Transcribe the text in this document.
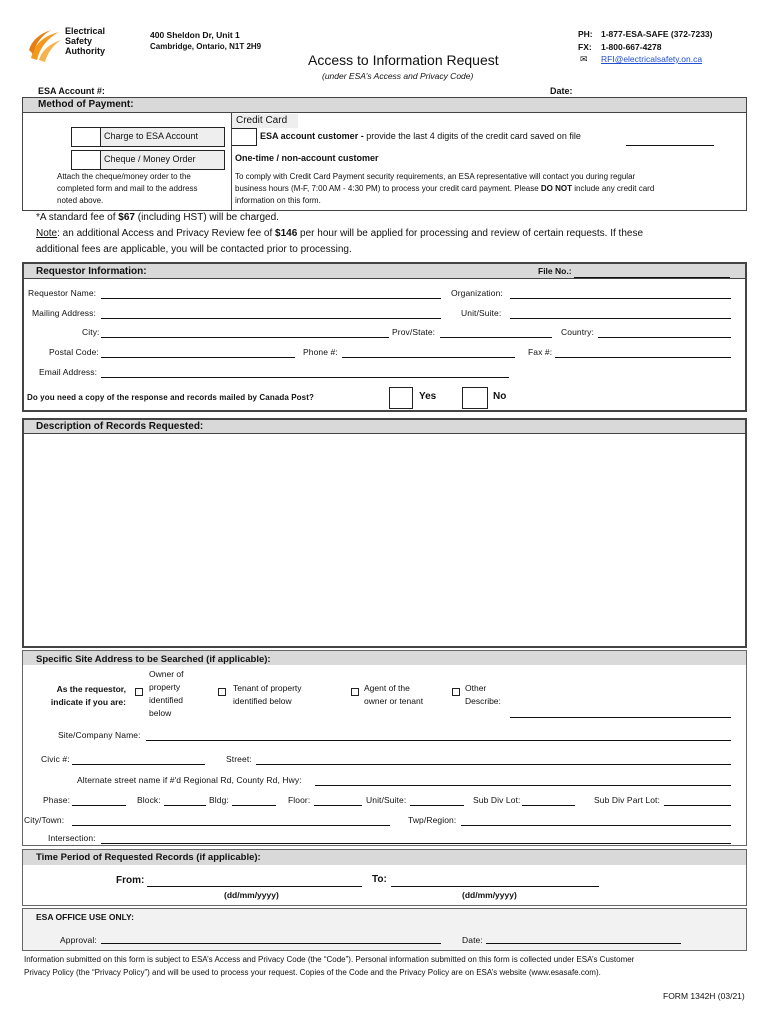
Electrical
Safety
Authority
400 Sheldon Dr, Unit 1
Cambridge, Ontario, N1T 2H9
PH: 1-877-ESA-SAFE (372-7233)
FX: 1-800-667-4278
✉ RFI@electricalsafety.on.ca
Access to Information Request
(under ESA’s Access and Privacy Code)
ESA Account #:	Date:
Method of Payment:
Charge to ESA Account
Cheque / Money Order
Attach the cheque/money order to the
completed form and mail to the address
noted above.
Credit Card
ESA account customer - provide the last 4 digits of the credit card saved on file
One-time / non-account customer
To comply with Credit Card Payment security requirements, an ESA representative will contact you during regular
business hours (M-F, 7:00 AM - 4:30 PM) to process your credit card payment. Please DO NOT include any credit card
information on this form.
*A standard fee of $67 (including HST) will be charged.
Note: an additional Access and Privacy Review fee of $146 per hour will be applied for processing and review of certain requests. If these
additional fees are applicable, you will be contacted prior to processing.
Requestor Information:	File No.:
Requestor Name:	Organization:
Mailing Address:	Unit/Suite:
City:	Prov/State:	Country:
Postal Code:	Phone #:	Fax #:
Email Address:
Do you need a copy of the response and records mailed by Canada Post?	Yes	No
Description of Records Requested:
Specific Site Address to be Searched (if applicable):
As the requestor,
indicate if you are:
Owner of
property
identified
below
Tenant of property
identified below
Agent of the
owner or tenant
Other
Describe:
Site/Company Name:
Civic #:	Street:
Alternate street name if #'d Regional Rd, County Rd, Hwy:
Phase:	Block:	Bldg:	Floor:	Unit/Suite:	Sub Div Lot:	Sub Div Part Lot:
City/Town:	Twp/Region:
Intersection:
Time Period of Requested Records (if applicable):
From:
(dd/mm/yyyy)
To:
(dd/mm/yyyy)
ESA OFFICE USE ONLY:
Approval:	Date:
Information submitted on this form is subject to ESA’s Access and Privacy Code (the “Code”). Personal information submitted on this form is collected under ESA’s Customer
Privacy Policy (the “Privacy Policy”) and will be used to process your request. Copies of the Code and the Privacy Policy are on ESA’s website (www.esasafe.com).
FORM 1342H (03/21)
